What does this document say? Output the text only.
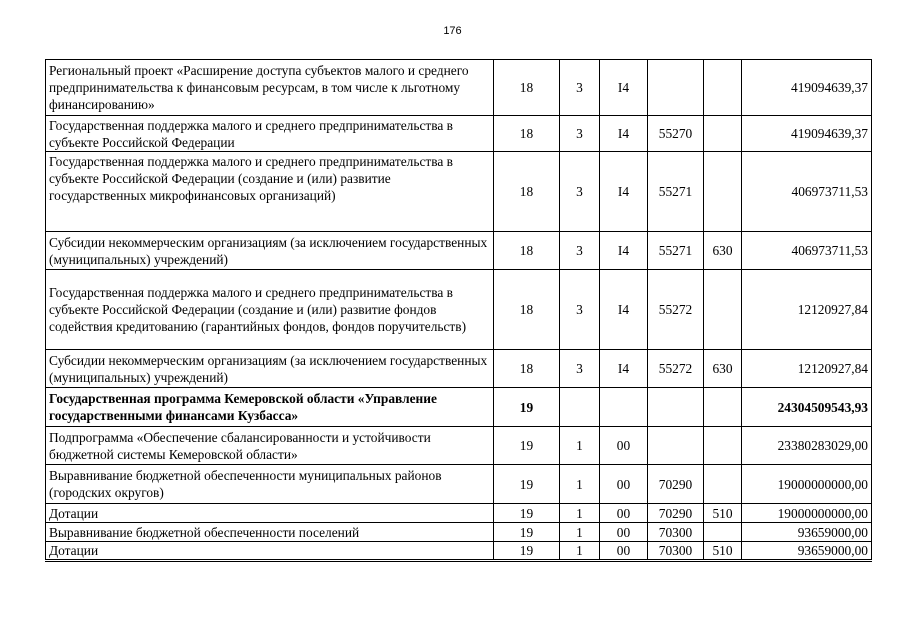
176
Региональный проект «Расширение доступа субъектов малого и среднего предпринимательства к финансовым ресурсам, в том числе к льготному финансированию»	18	3	I4			419094639,37
Государственная поддержка малого и среднего предпринимательства в субъекте Российской Федерации	18	3	I4	55270		419094639,37
Государственная поддержка малого и среднего предпринимательства в субъекте Российской Федерации (создание и (или) развитие государственных микрофинансовых организаций)	18	3	I4	55271		406973711,53
Субсидии некоммерческим организациям (за исключением государственных (муниципальных) учреждений)	18	3	I4	55271	630	406973711,53
Государственная поддержка малого и среднего предпринимательства в субъекте Российской Федерации (создание и (или) развитие фондов содействия кредитованию (гарантийных фондов, фондов поручительств)	18	3	I4	55272		12120927,84
Субсидии некоммерческим организациям (за исключением государственных (муниципальных) учреждений)	18	3	I4	55272	630	12120927,84
Государственная программа Кемеровской области «Управление государственными финансами Кузбасса»	19					24304509543,93
Подпрограмма «Обеспечение сбалансированности и устойчивости бюджетной системы Кемеровской области»	19	1	00			23380283029,00
Выравнивание бюджетной обеспеченности муниципальных районов (городских округов)	19	1	00	70290		19000000000,00
Дотации	19	1	00	70290	510	19000000000,00
Выравнивание бюджетной обеспеченности поселений	19	1	00	70300		93659000,00
Дотации	19	1	00	70300	510	93659000,00
